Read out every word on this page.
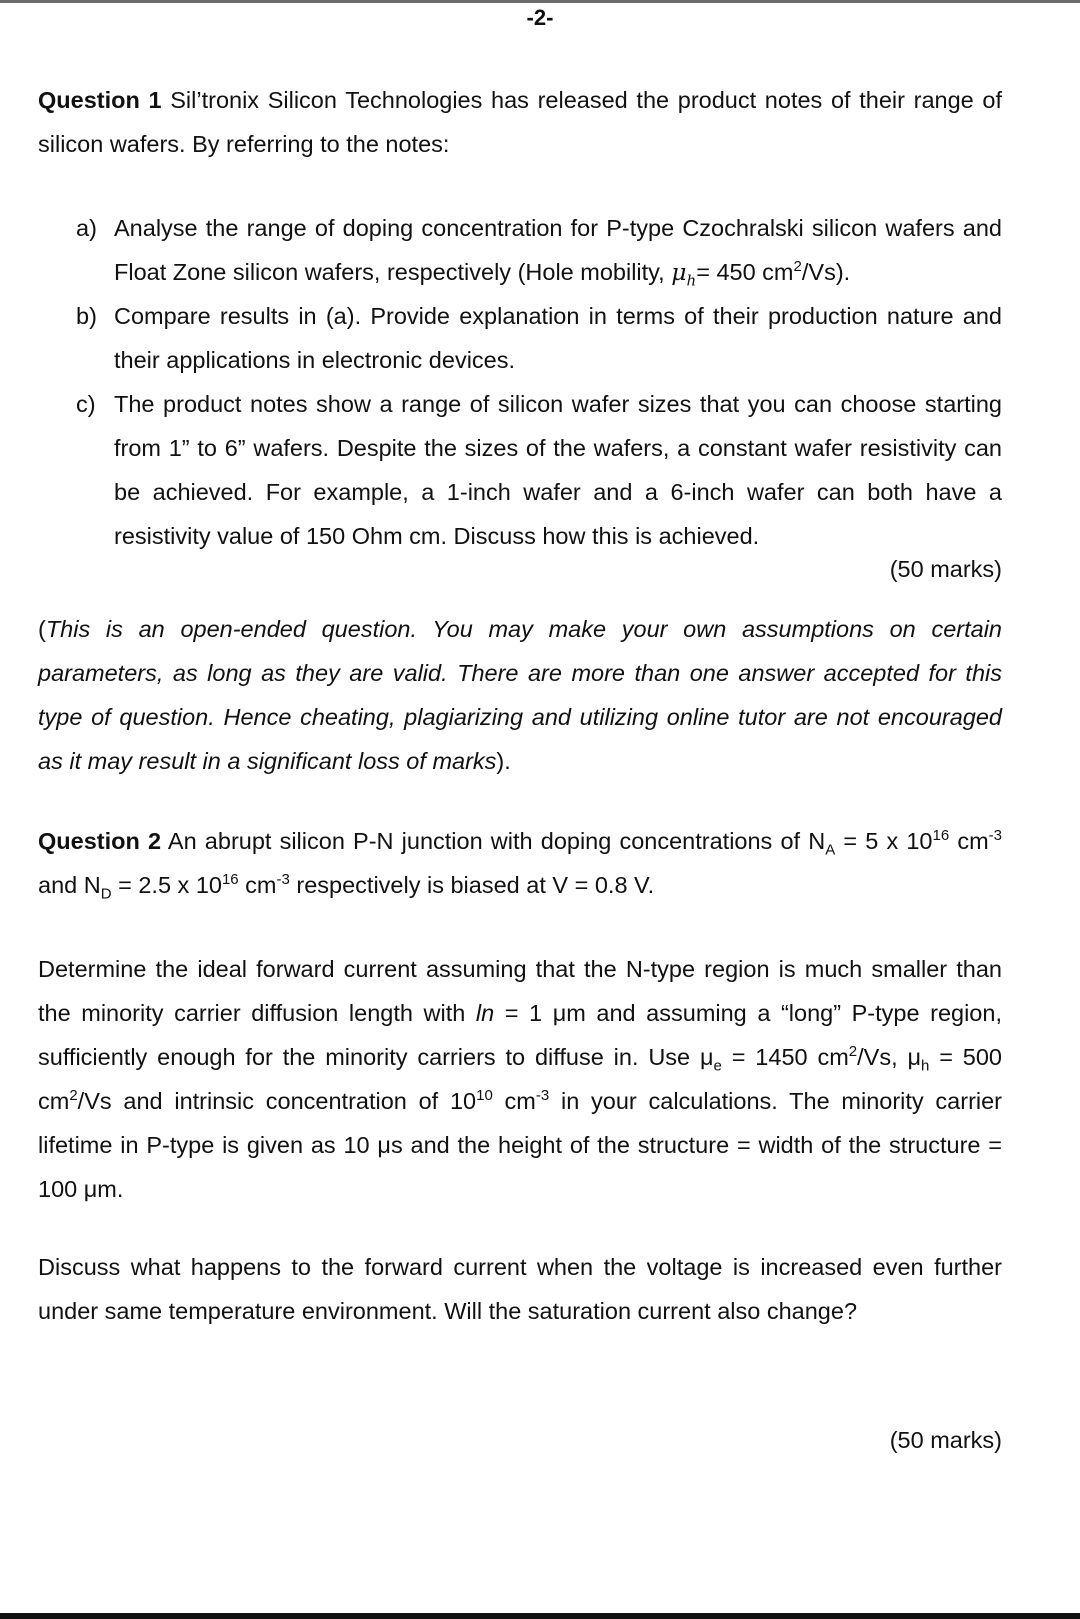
-2-

Question 1 Sil’tronix Silicon Technologies has released the product notes of their range of silicon wafers. By referring to the notes:

a) Analyse the range of doping concentration for P-type Czochralski silicon wafers and Float Zone silicon wafers, respectively (Hole mobility, $\mu_h= 450$ $cm^2/Vs$).
b) Compare results in (a). Provide explanation in terms of their production nature and their applications in electronic devices.
c) The product notes show a range of silicon wafer sizes that you can choose starting from 1” to 6” wafers. Despite the sizes of the wafers, a constant wafer resistivity can be achieved. For example, a 1-inch wafer and a 6-inch wafer can both have a resistivity value of 150 Ohm cm. Discuss how this is achieved.
(50 marks)

(This is an open-ended question. You may make your own assumptions on certain parameters, as long as they are valid. There are more than one answer accepted for this type of question. Hence cheating, plagiarizing and utilizing online tutor are not encouraged as it may result in a significant loss of marks).

Question 2 An abrupt silicon P-N junction with doping concentrations of $N_A = 5$ x $10^{16}$ $cm^{-3}$ and $N_D = 2.5$ x $10^{16}$ $cm^{-3}$ respectively is biased at V = 0.8 V.

Determine the ideal forward current assuming that the N-type region is much smaller than the minority carrier diffusion length with ln = 1 μm and assuming a “long” P-type region, sufficiently enough for the minority carriers to diffuse in. Use $\mu_e = 1450$ $cm^2/Vs$, $\mu_h = 500$ $cm^2/Vs$ and intrinsic concentration of $10^{10}$ $cm^{-3}$ in your calculations. The minority carrier lifetime in P-type is given as 10 μs and the height of the structure = width of the structure = 100 μm.

Discuss what happens to the forward current when the voltage is increased even further under same temperature environment. Will the saturation current also change?

(50 marks)
